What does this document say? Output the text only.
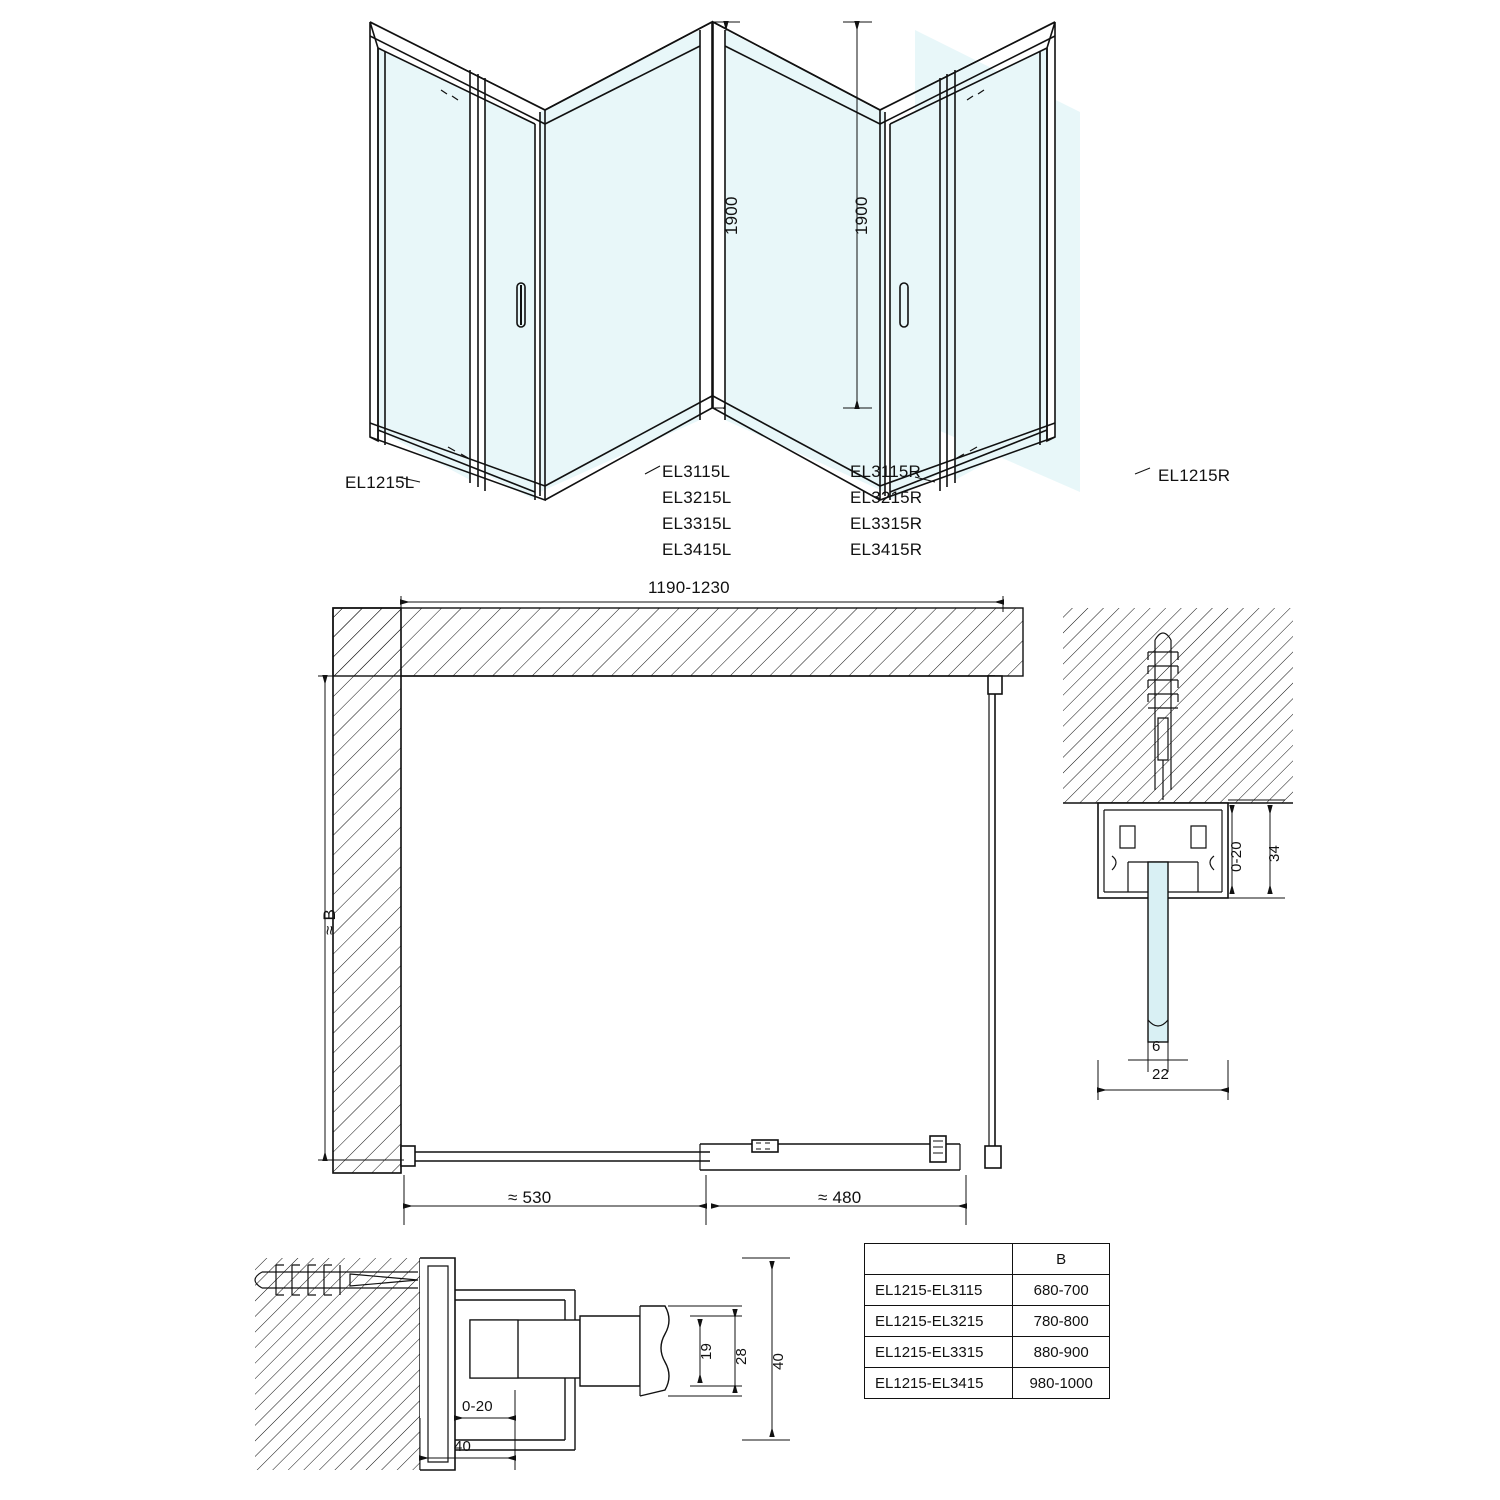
1900
EL1215L
EL3115L
EL3215L
EL3315L
EL3415L
1900
EL3115R
EL3215R
EL3315R
EL3415R
EL1215R
1190-1230
≈ B
≈ 530	≈ 480
0-20 34
6
22
19 28 40
0-20
40
	B
EL1215-EL3115	680-700
EL1215-EL3215	780-800
EL1215-EL3315	880-900
EL1215-EL3415	980-1000
